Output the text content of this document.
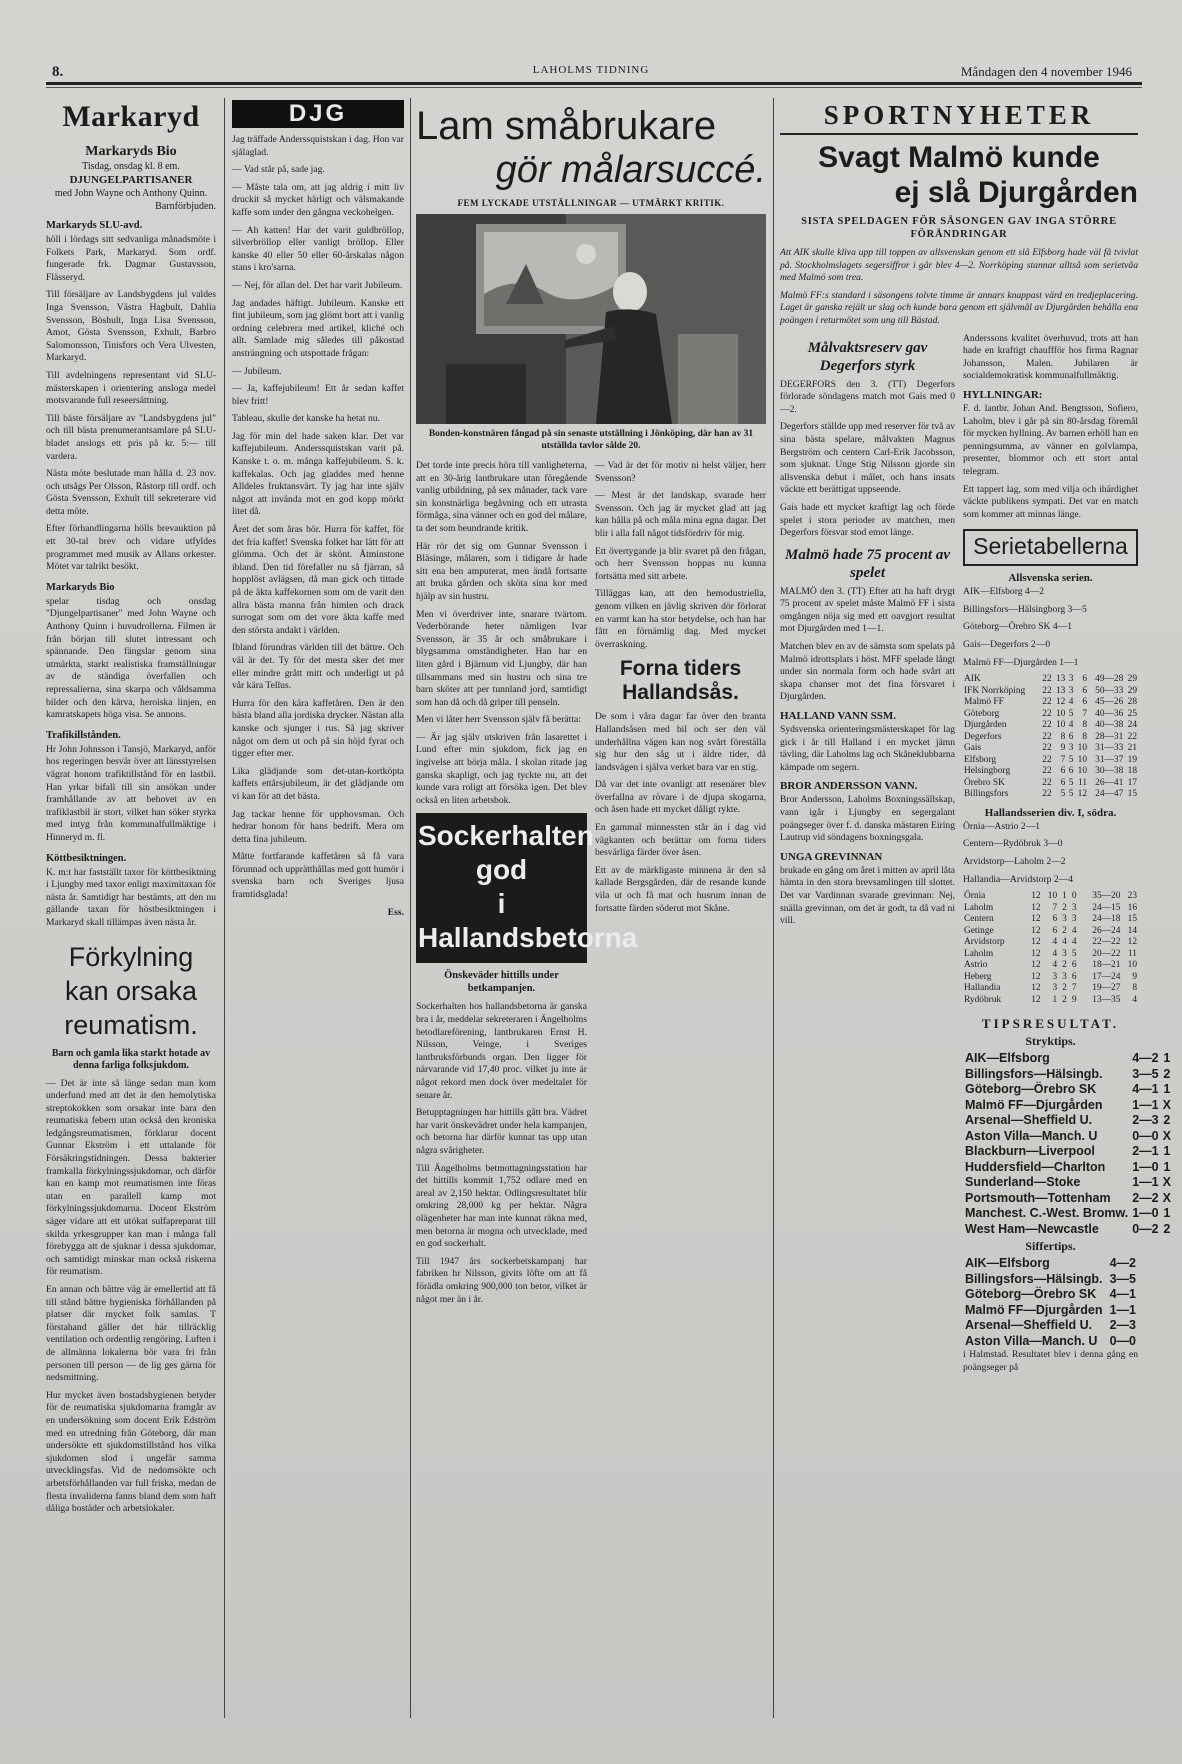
8.	LAHOLMS TIDNING	Måndagen den 4 november 1946
Markaryd
Markaryds Bio
Tisdag, onsdag kl. 8 em.
DJUNGELPARTISANER
med John Wayne och Anthony Quinn.
Barnförbjuden.
Markaryds SLU-avd.

höll i lördags sitt sedvanliga månadsmöte i Folkets Park, Markaryd. Som ordf. fungerade frk. Dagmar Gustavsson, Flässeryd.

Till försäljare av Landsbygdens jul valdes Inga Svensson, Västra Hagbult, Dahlia Svensson, Böshult, Inga Lisa Svensson, Amot, Gösta Svensson, Exhult, Barbro Salomonsson, Tinisfors och Vera Ulvesten, Markaryd.

Till avdelningens representant vid SLU-mästerskapen i orientering ansloga medel motsvarande full reseersättning.

Till bäste försäljare av "Landsbygdens jul" och till bästa prenumerantsamlare på SLU-bladet anslogs ett pris på kr. 5:— till vardera.

Nästa möte beslutade man hålla d. 23 nov. och utsågs Per Olsson, Råstorp till ordf. och Gösta Svensson, Exhult till sekreterare vid detta möte.

Efter förhandlingarna hölls brevauktion på ett 30-tal brev och vidare utfyldes programmet med musik av Allans orkester. Mötet var talrikt besökt.

Markaryds Bio

spelar tisdag och onsdag "Djungelpartisaner" med John Wayne och Anthony Quinn i huvudrollerna. Filmen är från början till slutet intressant och spännande. Den fängslar genom sina utmärkta, starkt realistiska framställningar av de ständiga överfallen och repressalierna, sina skarpa och våldsamma bilder och den kärva, heroiska linjen, en kamratskapets höga visa. Se annons.

Trafikillstånden.

Hr John Johnsson i Tansjö, Markaryd, anför hos regeringen besvär över att länsstyrelsen vägrat honom trafiktillstånd för en lastbil. Han yrkar bifall till sin ansökan under framhållande av att behovet av en trafiklastbil är stort, vilket han söker styrka med intyg från kommunalfullmäktige i Hinneryd m. fl.

Köttbesiktningen.

K. m:t har fastställt taxor för köttbesiktning i Ljungby med taxor enligt maximitaxan för nästa år. Samtidigt har bestämts, att den nu gällande taxan för höstbesiktningen i Markaryd skall tillämpas även nästa år.

Förkylning kan orsaka reumatism.
Barn och gamla lika starkt hotade av denna farliga folksjukdom.

— Det är inte så länge sedan man kom underfund med att det är den hemolytiska streptokokken som orsakar inte bara den reumatiska febern utan också den kroniska ledgångsreumatismen, förklarar docent Gunnar Ekström i ett uttalande för Försäkringstidningen. Dessa bakterier framkalla förkylningssjukdomar, och därför kan en kamp mot reumatismen inte föras utan en parallell kamp mot förkylningssjukdomarna. Docent Ekström säger vidare att ett utökat sulfapreparat till skilda yrkesgrupper kan man i många fall förebygga att de sjuknar i dessa sjukdomar, och samtidigt minskar man också riskerna för reumatism.

En annan och bättre väg är emellertid att få till stånd bättre hygieniska förhållanden på platser där mycket folk samlas. T förstahand gäller det här tillräcklig ventilation och ordentlig rengöring. Luften i de allmänna lokalerna bör vara fri från personen till person — de lig ges gärna för nedsmittning.

Hur mycket även bostadshygienen betyder för de reumatiska sjukdomarna framgår av en undersökning som docent Erik Edström med en utredning från Göteborg, där man undersökte ett sjukdomstillstånd hos vilka sjukdomen slod i ungefär samma utvecklingsfas. Vid de nedomsökte och arbetsförhållanden var full friska, medan de flesta invaliderna fanns bland dem som haft dåliga bostäder och arbetslokaler.

DJG

Jag träffade Anderssquistskan i dag. Hon var sjålaglad.

— Vad står på, sade jag.

— Måste tala om, att jag aldrig i mitt liv druckit så mycket härligt och välsmakande kaffe som under den gångna veckohelgen.

— Ah katten! Har det varit guldbröllop, silverbröllop eller vanligt bröllop. Eller kanske 40 eller 50 eller 60-årskalas någon stans i kro'sarna.

— Nej, för allan del. Det har varit Jubileum.

Jag andades häftigt. Jubileum. Kanske ett fint jubileum, som jag glömt bort att i vanlig ordning celebrera med artikel, kliché och allt. Samlade mig således till påkostad ansträngning och utspottade frågan:

— Jubileum.

— Ja, kaffejubileum! Ett år sedan kaffet blev fritt!

Tableau, skulle det kanske ha hetat nu.

Jag för min del hade saken klar. Det var kaffejubileum. Anderssquistskan varit på. Kanske t. o. m. många kaffejubileum. S. k. kaffekalas. Och jag gladdes med henne Alldeles fruktansvärt. Ty jag har inte själv något att invända mot en god kopp mörkt litet då.

Året det som åras bör. Hurra för kaffet, för det fria kaffet! Svenska folket har lätt för att glömma. Och det är skönt. Åtminstone ibland. Den tid förefaller nu så fjärran, så hopplöst avlägsen, då man gick och tittade på de äkta kaffekornen som om de varit den allra bästa manna från himlen och drack surrogat som om det vore äkta kaffe med den största andakt i världen.

Ibland förundras världen till det bättre. Och väl är det. Ty för det mesta sker det mer eller mindre grått mitt och underligt ut på vår kära Tellus.

Hurra för den kära kaffetåren. Den är den bästa bland alla jordiska drycker. Nästan alla kanske och sjunger i rus. Så jag skriver något om dem ut och på sin höjd fyrat och tigger efter mer.

Lika glädjande som det-utan-kortköpta kaffets ettårsjubileum, är det glädjande om vi kan för att det bästa.

Jag tackar henne för upphovsman. Och hedrar honom för hans bedrift. Mera om detta fina jubileum.

Måtte fortfarande kaffetåren så få vara förunnad och upprätthållas med gott humör i svenska barn och Sveriges ljusa framtidsglada!

Ess.

Lam småbrukare
gör målarsuccé.
FEM LYCKADE UTSTÄLLNINGAR — UTMÄRKT KRITIK.
Bonden-konstnären fångad på sin senaste utställning i Jönköping, där han av 31 utställda tavlor sålde 20.

Det torde inte precis höra till vanligheterna, att en 30-årig lantbrukare utan föregående vanlig utbildning, på sex månader, tack vare sin konstnärliga begåvning och ett utrasta förmåga, sina vänner och en god del målare, ta det som beundrande kritik.

Här rör det sig om Gunnar Svensson i Bläsinge, målaren, som i tidigare år hade sitt ena ben amputerat, men ändå fortsatte att bruka gården och sköta sina kor med hjälp av sin hustru.

Men vi överdriver inte, snarare tvärtom. Vederbörande heter nämligen Ivar Svensson, är 35 år och småbrukare i blygsamma omständigheter. Han har en liten gård i Bjärnum vid Ljungby, där han tillsammans med sin hustru och sina tre barn sköter att per tunnland jord, samtidigt som han då och då griper till penseln.

Men vi låter herr Svensson själv få berätta:

— Är jag själv utskriven från lasarettet i Lund efter min sjukdom, fick jag en ingivelse att börja måla. I skolan ritade jag ganska skapligt, och jag tyckte nu, att det kunde vara roligt att försöka igen. Det blev också en liten arbetsbok.

Sockerhalten god
i Hallandsbetorna
Önskeväder hittills under betkampanjen.

Sockerhalten hos hallandsbetorna är ganska bra i år, meddelar sekreteraren i Ängelholms betodlareförening, lantbrukaren Ernst H. Nilsson, Veinge, i Sveriges lantbruksförbunds organ. Den ligger för närvarande vid 17,40 proc. vilket ju inte är något rekord men dock över medeltalet för senare år.

Betupptagningen har hittills gått bra. Vädret har varit önskevädret under hela kampanjen, och betorna har därför kunnat tas upp utan några svårigheter.

Till Ängelholms betmottagningsstation har det hittills kommit 1,752 odlare med en areal av 2,150 hektar. Odlingsresultatet blir omkring 28,000 kg per hektar. Några olägenheter har man inte kunnat räkna med, men betorna är mogna och utvecklade, med en god sockerhalt.

Till 1947 års sockerbetskampanj har fabriken hr Nilsson, givits löfte om att få förädla omkring 900,000 ton betor, vilket är något mer än i år.

— Vad är det för motiv ni helst väljer, herr Svensson?

— Mest är det landskap, svarade herr Svensson. Och jag är mycket glad att jag kan hålla på och måla mina egna dagar. Det blir i alla fall något tidsfördriv för mig.

Ett övertygande ja blir svaret på den frågan, och herr Svensson hoppas nu kunna fortsätta med sitt arbete.

Tilläggas kan, att den hemodustriella, genom vilken en jävlig skriven dör förlorat en varmt kan ha stor betydelse, och han har fått en förnämlig dag. Med mycket överraskning.

Forna tiders Hallandsås.

De som i våra dagar far över den branta Hallandsåsen med bil och ser den väl underhållna vägen kan nog svårt föreställa sig hur den såg ut i äldre tider, då landsvägen i själva verket bara var en stig.

Då var det inte ovanligt att resenärer blev överfallna av rövare i de djupa skogarna, och åsen hade ett mycket dåligt rykte.

En gammal minnessten står än i dag vid vägkanten och berättar om forna tiders besvärliga färder över åsen.

Ett av de märkligaste minnena är den så kallade Bergsgården, där de resande kunde vila ut och få mat och husrum innan de fortsatte färden söderut mot Skåne.

SPORTNYHETER
Svagt Malmö kunde
ej slå Djurgården
SISTA SPELDAGEN FÖR SÄSONGEN GAV INGA STÖRRE FÖRÄNDRINGAR

Att AIK skulle kliva upp till toppen av allsvenskan genom ett slå Elfsborg hade väl få tvivlat på. Stockholmslagets segersiffror i går blev 4—2. Norrköping stannar alltså som serietvåa med Malmö som trea.

Malmö FF:s standard i säsongens tolvte timme är annars knappast värd en tredjeplacering. Laget är ganska rejält ur slag och kunde bara genom ett självmål av Djurgården behålla ena poängen i returmötet som ung till Bästad.

Målvaktsreserv gav Degerfors styrk

DEGERFORS den 3. (TT) Degerfors förlorade söndagens match mot Gais med 0—2.

Degerfors ställde upp med reserver för två av sina bästa spelare, målvakten Magnus Bergström och centern Carl-Erik Jacobsson, som sjuknat. Unge Stig Nilsson gjorde sin allsvenska debut i målet, och hans insats väckte ett berättigat uppseende.

Gais hade ett mycket kraftigt lag och förde spelet i stora perioder av matchen, men Degerfors försvar stod emot länge.

Malmö hade 75 procent av spelet

MALMÖ den 3. (TT) Efter att ha haft drygt 75 procent av spelet måste Malmö FF i sista omgången nöja sig med ett oavgjort resultat mot Djurgården med 1—1.

Matchen blev en av de sämsta som spelats på Malmö idrottsplats i höst. MFF spelade långt under sin normala form och hade svårt att skapa chanser mot det fina försvaret i Djurgården.

HALLAND VANN SSM.

Sydsvenska orienteringsmästerskapet för lag gick i år till Halland i en mycket jämn tävling, där Laholms lag och Skåneklubbarna kämpade om segern.

BROR ANDERSSON VANN.

Bror Andersson, Laholms Boxningssällskap, vann igår i Ljungby en segergalant poängseger över f. d. danska mästaren Eiring Lautrup vid söndagens boxningsgala.

UNGA GREVINNAN

brukade en gång om året i mitten av april låta hämta in den stora brevsamlingen till slottet. Det var Vardinnan svarade grevinnan: Nej, snälla grevinnan, om det är godt, ta då vad ni vill.

Anderssons kvalitet överhuvud, trots att han hade en kraftigt chauffför hos firma Ragnar Johansson, Malen. Jubilaren är socialdemokratisk kommunalfullmäktig.

HYLLNINGAR:

F. d. lantbr. Johan And. Bengtsson, Sofiero, Laholm, blev i går på sin 80-årsdag föremål för mycken hyllning. Av barnen erhöll han en penningsumma, av vänner en golvlampa, presenter, blommor och ett stort antal telegram.

Ett tappert lag, som med vilja och ihärdighet väckte publikens sympati. Det var en match som kommer att minnas länge.

Serietabellerna
Allsvenska serien.

AIK—Elfsborg 4—2

Billingsfors—Hälsingborg 3—5

Göteborg—Örebro SK 4—1

Gais—Degerfors 2—0

Malmö FF—Djurgården 1—1

AIK	22	13	3	6	49—28	29
IFK Norrköping	22	13	3	6	50—33	29
Malmö FF	22	12	4	6	45—26	28
Göteborg	22	10	5	7	40—36	25
Djurgården	22	10	4	8	40—38	24
Degerfors	22	8	6	8	28—31	22
Gais	22	9	3	10	31—33	21
Elfsborg	22	7	5	10	31—37	19
Helsingborg	22	6	6	10	30—38	18
Örebro SK	22	6	5	11	26—41	17
Billingsfors	22	5	5	12	24—47	15
Hallandsserien div. I, södra.

Örnia—Astrio 2—1

Centern—Rydöbruk 3—0

Arvidstorp—Laholm 2—2

Hallandia—Arvidstorp 2—4

Örnia	12	10	1	0	35—20	23
Laholm	12	7	2	3	24—15	16
Centern	12	6	3	3	24—18	15
Getinge	12	6	2	4	26—24	14
Arvidstorp	12	4	4	4	22—22	12
Laholm	12	4	3	5	20—22	11
Astrio	12	4	2	6	18—21	10
Heberg	12	3	3	6	17—24	9
Hallandia	12	3	2	7	19—27	8
Rydöbruk	12	1	2	9	13—35	4
TIPSRESULTAT.
Stryktips.
AIK—Elfsborg	4—2	1
Billingsfors—Hälsingb.	3—5	2
Göteborg—Örebro SK	4—1	1
Malmö FF—Djurgården	1—1	X
Arsenal—Sheffield U.	2—3	2
Aston Villa—Manch. U	0—0	X
Blackburn—Liverpool	2—1	1
Huddersfield—Charlton	1—0	1
Sunderland—Stoke	1—1	X
Portsmouth—Tottenham	2—2	X
Manchest. C.-West. Bromw.	1—0	1
West Ham—Newcastle	0—2	2
Siffertips.
AIK—Elfsborg	4—2
Billingsfors—Hälsingb.	3—5
Göteborg—Örebro SK	4—1
Malmö FF—Djurgården	1—1
Arsenal—Sheffield U.	2—3
Aston Villa—Manch. U	0—0

i Halmstad. Resultatet blev i denna gång en poängseger på
